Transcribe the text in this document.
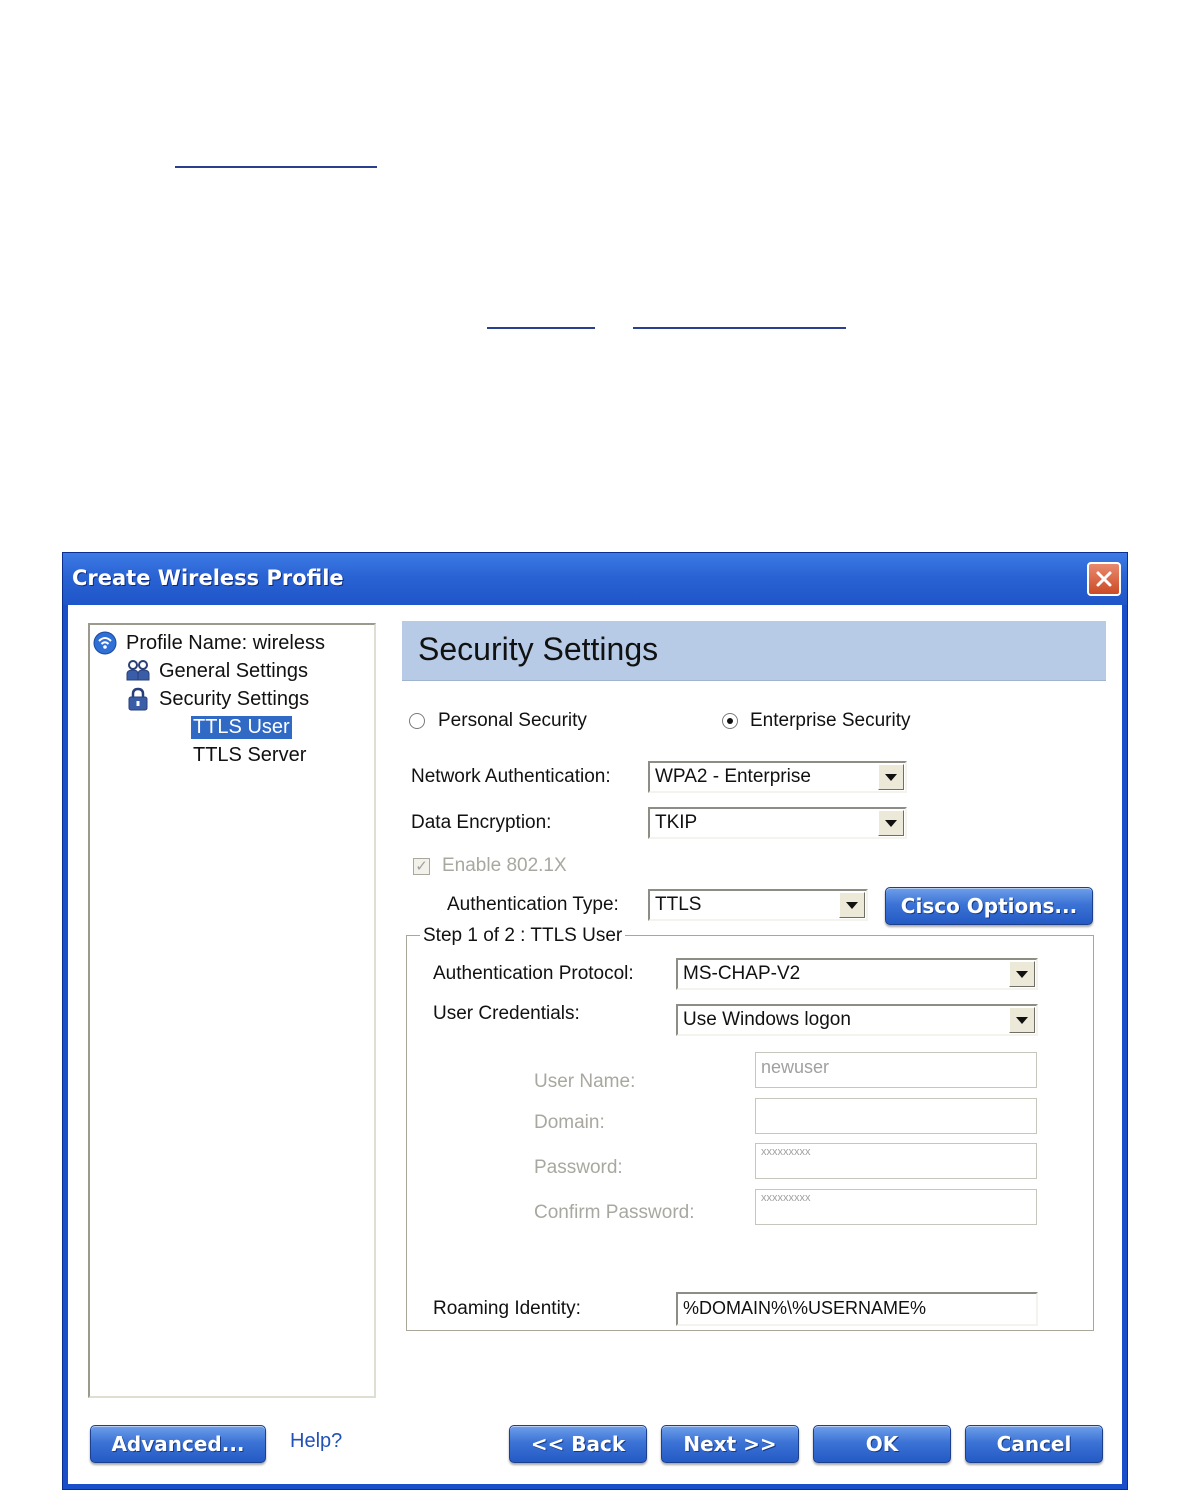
Create Wireless Profile
Profile Name: wireless
General Settings
Security Settings
TTLS User
TTLS Server
Security Settings
Personal Security	Enterprise Security
Network Authentication: WPA2 - Enterprise
Data Encryption:	TKIP
✓ Enable 802.1X
Authentication Type: TTLS	Cisco Options...
Step 1 of 2 : TTLS User
Authentication Protocol:	MS-CHAP-V2
User Credentials:	Use Windows logon
User Name:
newuser
Domain:
Password:
xxxxxxxxx
Confirm Password:
xxxxxxxxx
Roaming Identity:	%DOMAIN%\%USERNAME%
Advanced... Help?	<< Back	Next >>	OK	Cancel
